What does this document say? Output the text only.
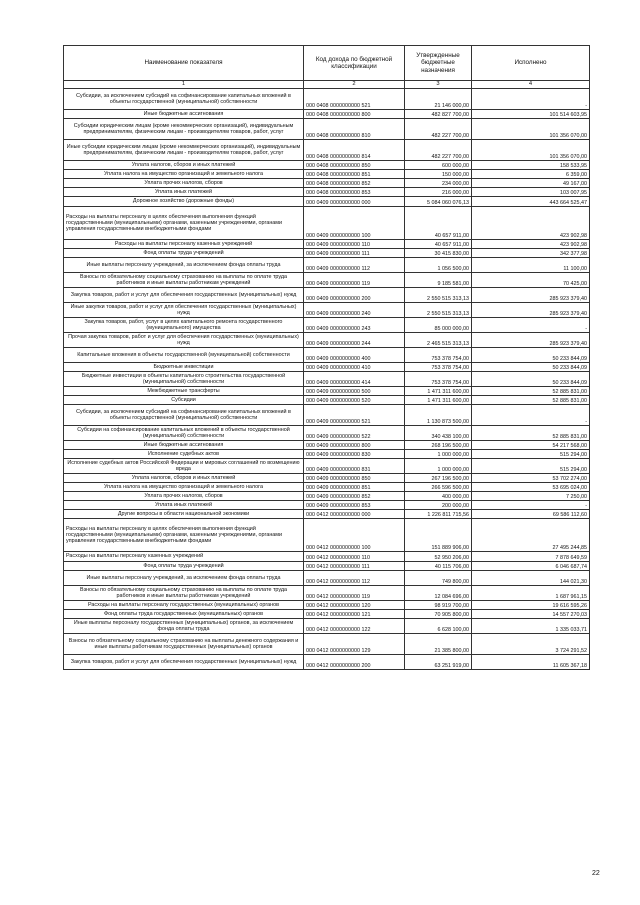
Наименование показателя	Код дохода по бюджетной классификации	Утвержденные бюджетные назначения	Исполнено
1	2	3	4

Субсидии, за исключением субсидий на софинансирование капитальных вложений в объекты государственной (муниципальной) собственности	000 0408 0000000000 521	21 146 000,00	-

Иные бюджетные ассигнования	000 0408 0000000000 800	482 827 700,00	101 514 603,95

Субсидии юридическим лицам (кроме некоммерческих организаций), индивидуальным предпринимателям, физическим лицам - производителям товаров, работ, услуг	000 0408 0000000000 810	482 227 700,00	101 356 070,00

Иные субсидии юридическим лицам (кроме некоммерческих организаций), индивидуальным предпринимателям, физическим лицам - производителям товаров, работ, услуг	000 0408 0000000000 814	482 227 700,00	101 356 070,00

Уплата налогов, сборов и иных платежей	000 0408 0000000000 850	600 000,00	158 533,95

Уплата налога на имущество организаций и земельного налога	000 0408 0000000000 851	150 000,00	6 359,00

Уплата прочих налогов, сборов	000 0408 0000000000 852	234 000,00	49 167,00

Уплата иных платежей	000 0408 0000000000 853	216 000,00	103 007,95

Дорожное хозяйство (дорожные фонды)	000 0409 0000000000 000	5 084 060 076,13	443 664 525,47

Расходы на выплаты персоналу в целях обеспечения выполнения функций государственными (муниципальными) органами, казенными учреждениями, органами управления государственными внебюджетными фондами	000 0409 0000000000 100	40 657 911,00	423 902,98

Расходы на выплаты персоналу казенных учреждений	000 0409 0000000000 110	40 657 911,00	423 902,98

Фонд оплаты труда учреждений	000 0409 0000000000 111	30 415 830,00	342 377,98

Иные выплаты персоналу учреждений, за исключением фонда оплаты труда	000 0409 0000000000 112	1 056 500,00	11 100,00

Взносы по обязательному социальному страхованию на выплаты по оплате труда работников и иные выплаты работникам учреждений	000 0409 0000000000 119	9 185 581,00	70 425,00

Закупка товаров, работ и услуг для обеспечения государственных (муниципальных) нужд	000 0409 0000000000 200	2 550 515 313,13	285 923 379,40

Иные закупки товаров, работ и услуг для обеспечения государственных (муниципальных) нужд	000 0409 0000000000 240	2 550 515 313,13	285 923 379,40

Закупка товаров, работ, услуг в целях капитального ремонта государственного (муниципального) имущества	000 0409 0000000000 243	85 000 000,00	-

Прочая закупка товаров, работ и услуг для обеспечения государственных (муниципальных) нужд	000 0409 0000000000 244	2 465 515 313,13	285 923 379,40

Капитальные вложения в объекты государственной (муниципальной) собственности	000 0409 0000000000 400	753 378 754,00	50 233 844,09

Бюджетные инвестиции	000 0409 0000000000 410	753 378 754,00	50 233 844,09

Бюджетные инвестиции в объекты капитального строительства государственной (муниципальной) собственности	000 0409 0000000000 414	753 378 754,00	50 233 844,09

Межбюджетные трансферты	000 0409 0000000000 500	1 471 311 600,00	52 885 831,00

Субсидии	000 0409 0000000000 520	1 471 311 600,00	52 885 831,00

Субсидии, за исключением субсидий на софинансирование капитальных вложений в объекты государственной (муниципальной) собственности	000 0409 0000000000 521	1 130 873 500,00	-

Субсидии на софинансирование капитальных вложений в объекты государственной (муниципальной) собственности	000 0409 0000000000 522	340 438 100,00	52 885 831,00

Иные бюджетные ассигнования	000 0409 0000000000 800	268 196 500,00	54 217 568,00

Исполнение судебных актов	000 0409 0000000000 830	1 000 000,00	515 294,00

Исполнение судебных актов Российской Федерации и мировых соглашений по возмещению вреда	000 0409 0000000000 831	1 000 000,00	515 294,00

Уплата налогов, сборов и иных платежей	000 0409 0000000000 850	267 196 500,00	53 702 274,00

Уплата налога на имущество организаций и земельного налога	000 0409 0000000000 851	266 596 500,00	53 695 024,00

Уплата прочих налогов, сборов	000 0409 0000000000 852	400 000,00	7 250,00

Уплата иных платежей	000 0409 0000000000 853	200 000,00	-

Другие вопросы в области национальной экономики	000 0412 0000000000 000	1 226 811 715,56	69 586 112,60

Расходы на выплаты персоналу в целях обеспечения выполнения функций государственными (муниципальными) органами, казенными учреждениями, органами управления государственными внебюджетными фондами	000 0412 0000000000 100	151 889 906,00	27 495 244,85

Расходы на выплаты персоналу казенных учреждений	000 0412 0000000000 110	52 950 206,00	7 878 649,59

Фонд оплаты труда учреждений	000 0412 0000000000 111	40 115 706,00	6 046 687,74

Иные выплаты персоналу учреждений, за исключением фонда оплаты труда	000 0412 0000000000 112	749 800,00	144 021,30

Взносы по обязательному социальному страхованию на выплаты по оплате труда работников и иные выплаты работникам учреждений	000 0412 0000000000 119	12 084 696,00	1 687 961,15

Расходы на выплаты персоналу государственных (муниципальных) органов	000 0412 0000000000 120	98 919 700,00	19 616 595,26

Фонд оплаты труда государственных (муниципальных) органов	000 0412 0000000000 121	70 905 800,00	14 557 270,03

Иные выплаты персоналу государственных (муниципальных) органов, за исключением фонда оплаты труда	000 0412 0000000000 122	6 628 100,00	1 335 033,71

Взносы по обязательному социальному страхованию на выплаты денежного содержания и иные выплаты работникам государственных (муниципальных) органов	000 0412 0000000000 129	21 385 800,00	3 724 291,52

Закупка товаров, работ и услуг для обеспечения государственных (муниципальных) нужд	000 0412 0000000000 200	63 251 919,00	11 605 367,18
22
